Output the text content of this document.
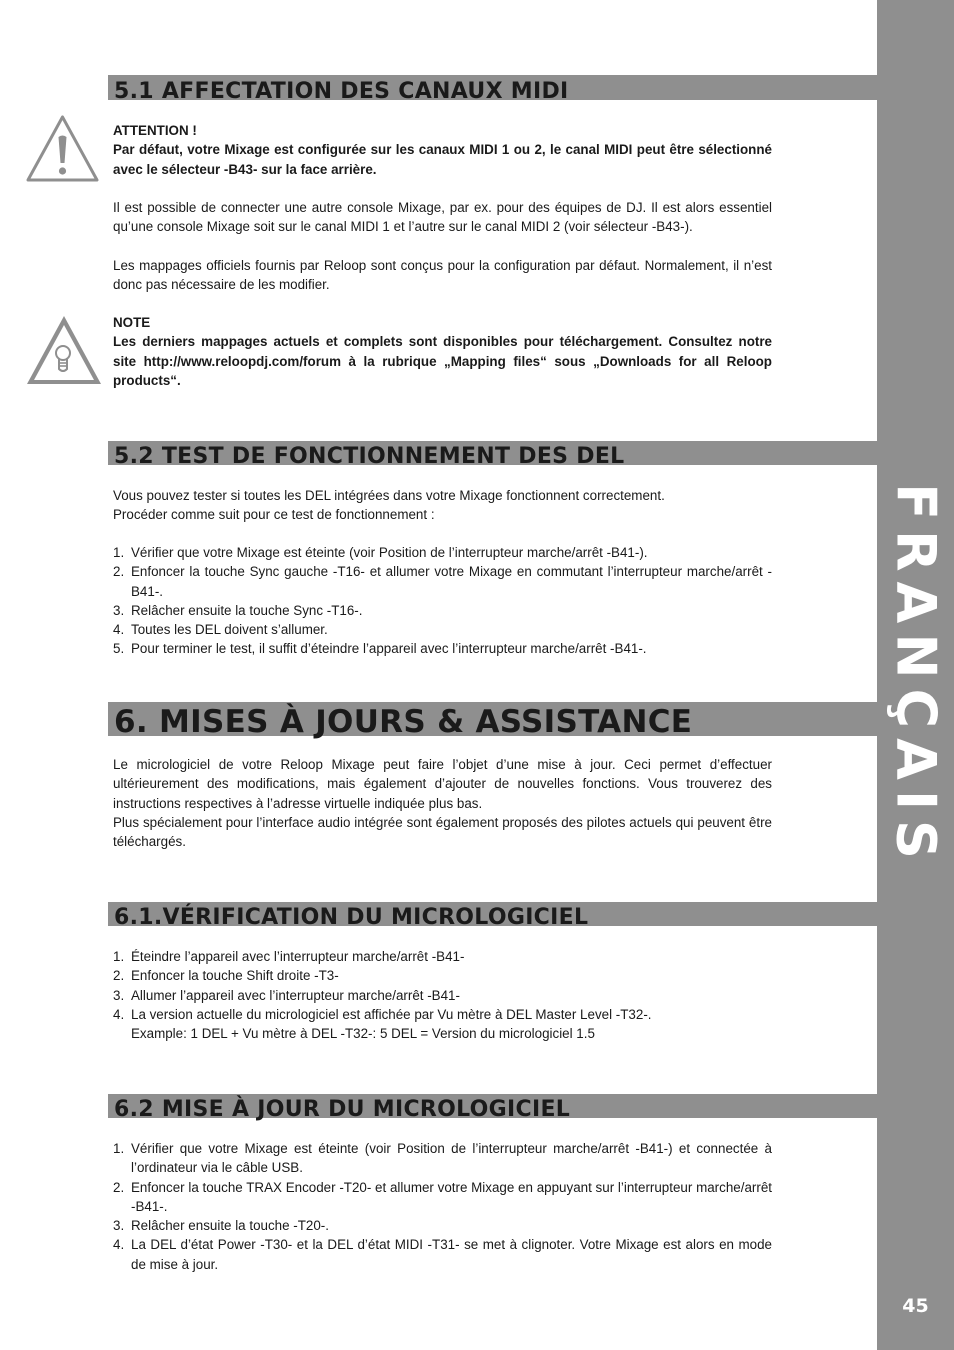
FRANÇAIS
45
5.1 AFFECTATION DES CANAUX MIDI

ATTENTION !

Par défaut, votre Mixage est configurée sur les canaux MIDI 1 ou 2, le canal MIDI peut être sélectionné avec le sélecteur -B43- sur la face arrière.

Il est possible de connecter une autre console Mixage, par ex. pour des équipes de DJ. Il est alors essentiel qu’une console Mixage soit sur le canal MIDI 1 et l’autre sur le canal MIDI 2 (voir sélecteur -B43-).

Les mappages officiels fournis par Reloop sont conçus pour la configuration par défaut. Normalement, il n’est donc pas nécessaire de les modifier.

NOTE

Les derniers mappages actuels et complets sont disponibles pour téléchargement. Consultez notre site http://www.reloopdj.com/forum à la rubrique „Mapping files“ sous „Downloads for all Reloop products“.

5.2 TEST DE FONCTIONNEMENT DES DEL

Vous pouvez tester si toutes les DEL intégrées dans votre Mixage fonctionnent correctement.

Procéder comme suit pour ce test de fonctionnement :

1. Vérifier que votre Mixage est éteinte (voir Position de l’interrupteur marche/arrêt -B41-).
2. Enfoncer la touche Sync gauche -T16- et allumer votre Mixage en commutant l’interrupteur marche/arrêt -B41-.
3. Relâcher ensuite la touche Sync -T16-.
4. Toutes les DEL doivent s’allumer.
5. Pour terminer le test, il suffit d’éteindre l’appareil avec l’interrupteur marche/arrêt -B41-.
6. MISES À JOURS & ASSISTANCE

Le micrologiciel de votre Reloop Mixage peut faire l’objet d’une mise à jour. Ceci permet d’effectuer ultérieurement des modifications, mais également d’ajouter de nouvelles fonctions. Vous trouverez des instructions respectives à l’adresse virtuelle indiquée plus bas.

Plus spécialement pour l’interface audio intégrée sont également proposés des pilotes actuels qui peuvent être téléchargés.

6.1.VÉRIFICATION DU MICROLOGICIEL
1. Éteindre l’appareil avec l’interrupteur marche/arrêt -B41-
2. Enfoncer la touche Shift droite -T3-
3. Allumer l’appareil avec l’interrupteur marche/arrêt -B41-
4. La version actuelle du micrologiciel est affichée par Vu mètre à DEL Master Level -T32-.
Example: 1 DEL + Vu mètre à DEL -T32-: 5 DEL = Version du micrologiciel 1.5
6.2 MISE À JOUR DU MICROLOGICIEL
1. Vérifier que votre Mixage est éteinte (voir Position de l’interrupteur marche/arrêt -B41-) et connectée à l’ordinateur via le câble USB.
2. Enfoncer la touche TRAX Encoder -T20- et allumer votre Mixage en appuyant sur l’interrupteur marche/arrêt -B41-.
3. Relâcher ensuite la touche -T20-.
4. La DEL d’état Power -T30- et la DEL d’état MIDI -T31- se met à clignoter. Votre Mixage est alors en mode de mise à jour.
